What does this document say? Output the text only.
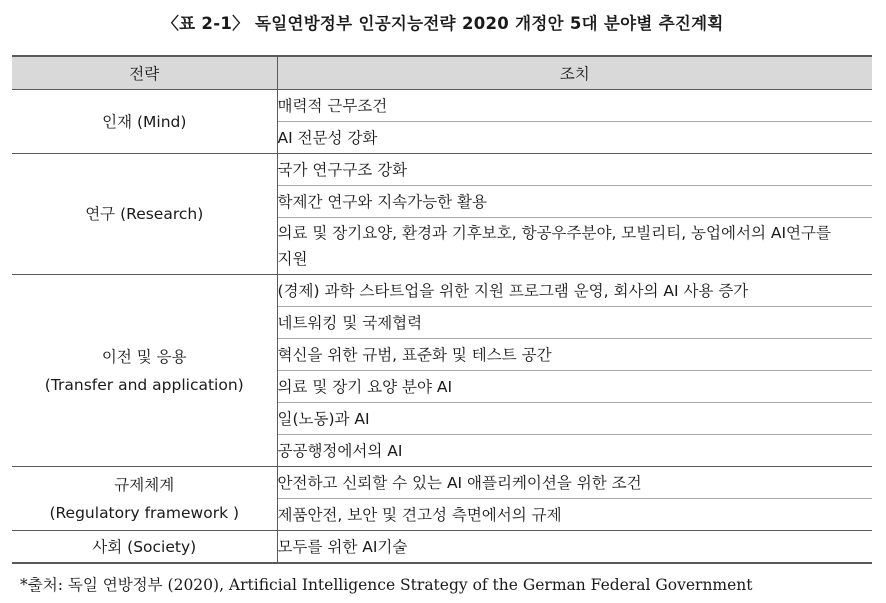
〈표 2-1〉 독일연방정부 인공지능전략 2020 개정안 5대 분야별 추진계획
전략	조치

인재 (Mind)	매력적 근무조건
	AI 전문성 강화

연구 (Research)	국가 연구구조 강화
	학제간 연구와 지속가능한 활용
	의료 및 장기요양, 환경과 기후보호, 항공우주분야, 모빌리티, 농업에서의 AI연구를 지원

이전 및 응용
(Transfer and application)	(경제) 과학 스타트업을 위한 지원 프로그램 운영, 회사의 AI 사용 증가
	네트워킹 및 국제협력
	혁신을 위한 규범, 표준화 및 테스트 공간
	의료 및 장기 요양 분야 AI
	일(노동)과 AI
	공공행정에서의 AI

규제체계
(Regulatory framework )	안전하고 신뢰할 수 있는 AI 애플리케이션을 위한 조건
	제품안전, 보안 및 견고성 측면에서의 규제

사회 (Society)	모두를 위한 AI기술
*출처: 독일 연방정부 (2020), Artificial Intelligence Strategy of the German Federal Government
